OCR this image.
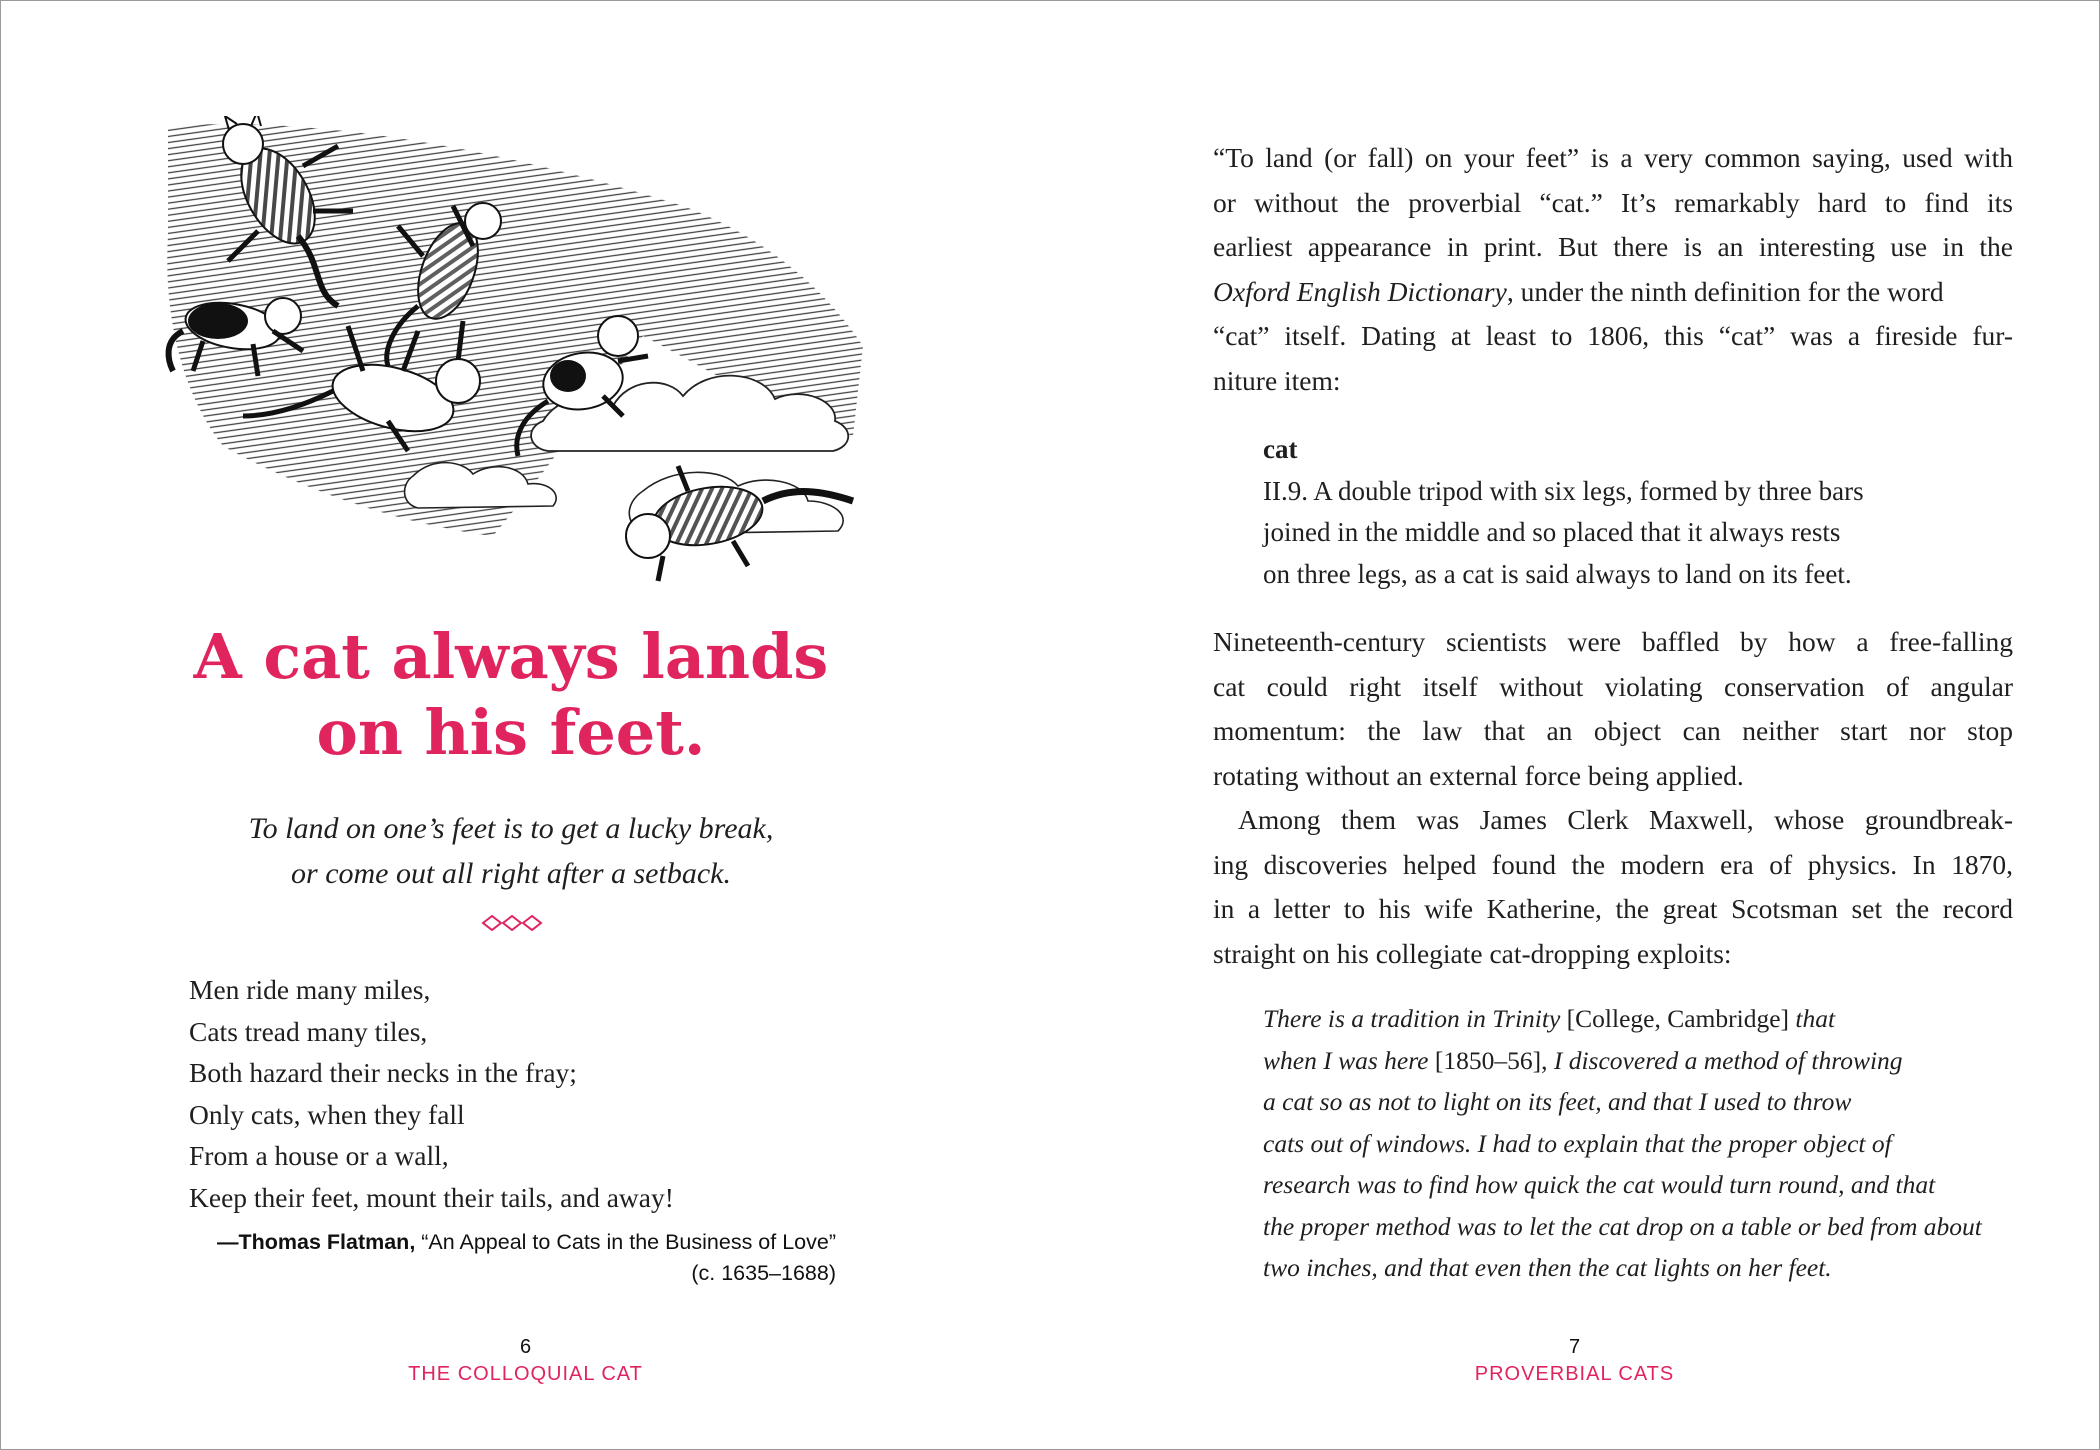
A cat always lands
on his feet.
To land on one’s feet is to get a lucky break,
or come out all right after a setback.
Men ride many miles,
Cats tread many tiles,
Both hazard their necks in the fray;
Only cats, when they fall
From a house or a wall,
Keep their feet, mount their tails, and away!
—Thomas Flatman, “An Appeal to Cats in the Business of Love”
(c. 1635–1688)
6
THE COLLOQUIAL CAT
“To land (or fall) on your feet” is a very common saying, used with
or without the proverbial “cat.” It’s remarkably hard to find its
earliest appearance in print. But there is an interesting use in the
Oxford English Dictionary, under the ninth definition for the word
“cat” itself. Dating at least to 1806, this “cat” was a fireside fur-
niture item:
cat
II.9. A double tripod with six legs, formed by three bars
joined in the middle and so placed that it always rests
on three legs, as a cat is said always to land on its feet.
Nineteenth-century scientists were baffled by how a free-falling
cat could right itself without violating conservation of angular
momentum: the law that an object can neither start nor stop
rotating without an external force being applied.
Among them was James Clerk Maxwell, whose groundbreak-
ing discoveries helped found the modern era of physics. In 1870,
in a letter to his wife Katherine, the great Scotsman set the record
straight on his collegiate cat-dropping exploits:
There is a tradition in Trinity [College, Cambridge] that
when I was here [1850–56], I discovered a method of throwing
a cat so as not to light on its feet, and that I used to throw
cats out of windows. I had to explain that the proper object of
research was to find how quick the cat would turn round, and that
the proper method was to let the cat drop on a table or bed from about
two inches, and that even then the cat lights on her feet.
7
PROVERBIAL CATS
